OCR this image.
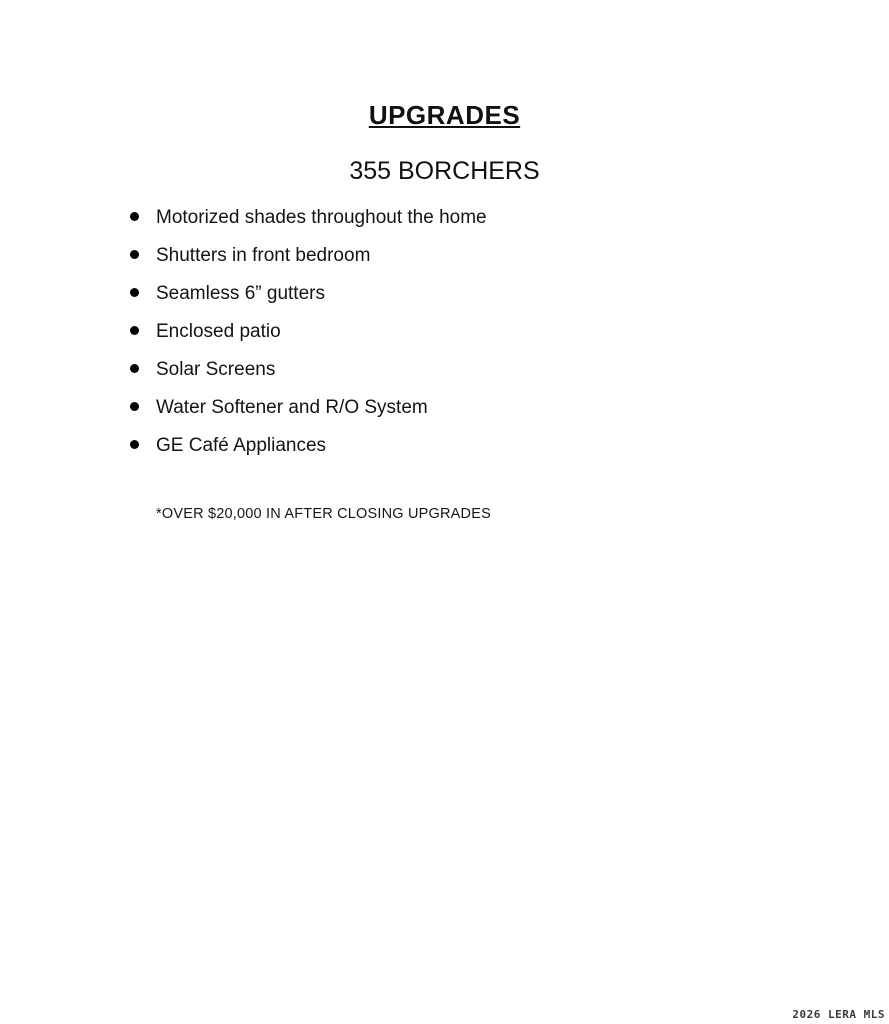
UPGRADES
355 BORCHERS
Motorized shades throughout the home
Shutters in front bedroom
Seamless 6” gutters
Enclosed patio
Solar Screens
Water Softener and R/O System
GE Café Appliances
*OVER $20,000 IN AFTER CLOSING UPGRADES
2026 LERA MLS
